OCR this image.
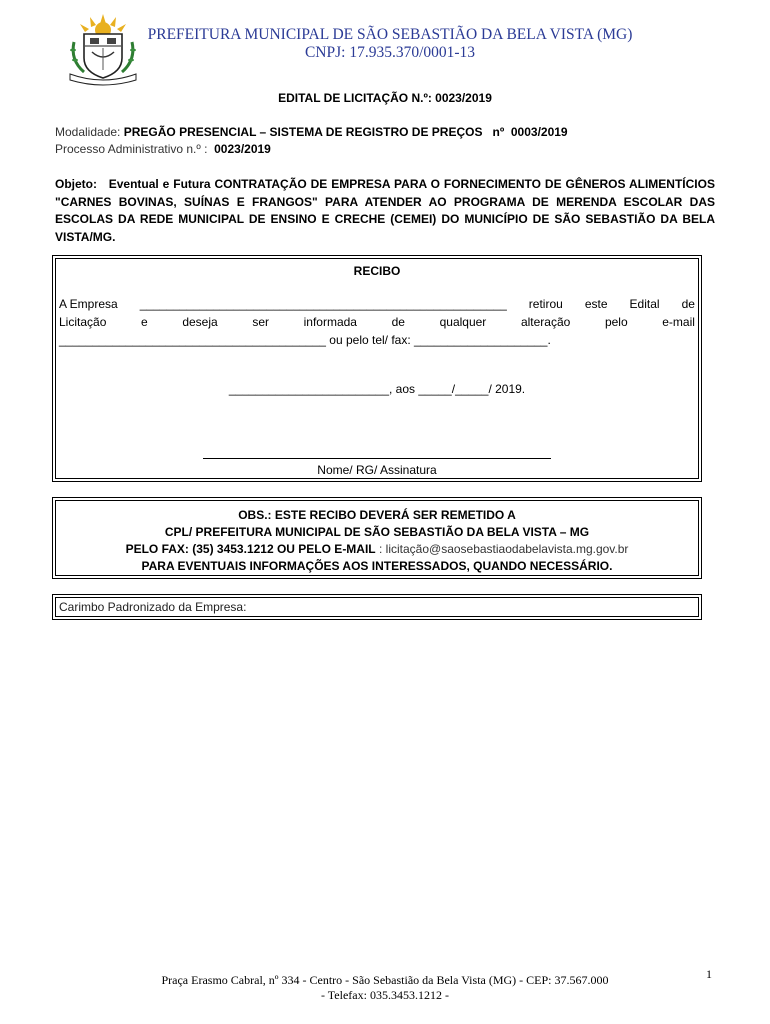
PREFEITURA MUNICIPAL DE SÃO SEBASTIÃO DA BELA VISTA (MG)
CNPJ: 17.935.370/0001-13
EDITAL DE LICITAÇÃO N.º: 0023/2019
Modalidade: PREGÃO PRESENCIAL – SISTEMA DE REGISTRO DE PREÇOS nº 0003/2019
Processo Administrativo n.º : 0023/2019
Objeto: Eventual e Futura CONTRATAÇÃO DE EMPRESA PARA O FORNECIMENTO DE GÊNEROS ALIMENTÍCIOS "CARNES BOVINAS, SUÍNAS E FRANGOS" PARA ATENDER AO PROGRAMA DE MERENDA ESCOLAR DAS ESCOLAS DA REDE MUNICIPAL DE ENSINO E CRECHE (CEMEI) DO MUNICÍPIO DE SÃO SEBASTIÃO DA BELA VISTA/MG.
RECIBO
A Empresa _______________________________________________________ retirou este Edital de
Licitação	e	deseja	ser	informada	de	qualquer	alteração	pelo	e-mail
________________________________________ ou pelo tel/ fax: ____________________.
________________________, aos _____/_____/ 2019.
Nome/ RG/ Assinatura
OBS.: ESTE RECIBO DEVERÁ SER REMETIDO A
CPL/ PREFEITURA MUNICIPAL DE SÃO SEBASTIÃO DA BELA VISTA – MG
PELO FAX: (35) 3453.1212 OU PELO E-MAIL : licitação@saosebastiaodabelavista.mg.gov.br
PARA EVENTUAIS INFORMAÇÕES AOS INTERESSADOS, QUANDO NECESSÁRIO.
Carimbo Padronizado da Empresa:
Praça Erasmo Cabral, nº 334 - Centro - São Sebastião da Bela Vista (MG) - CEP: 37.567.000
- Telefax: 035.3453.1212 -
1
